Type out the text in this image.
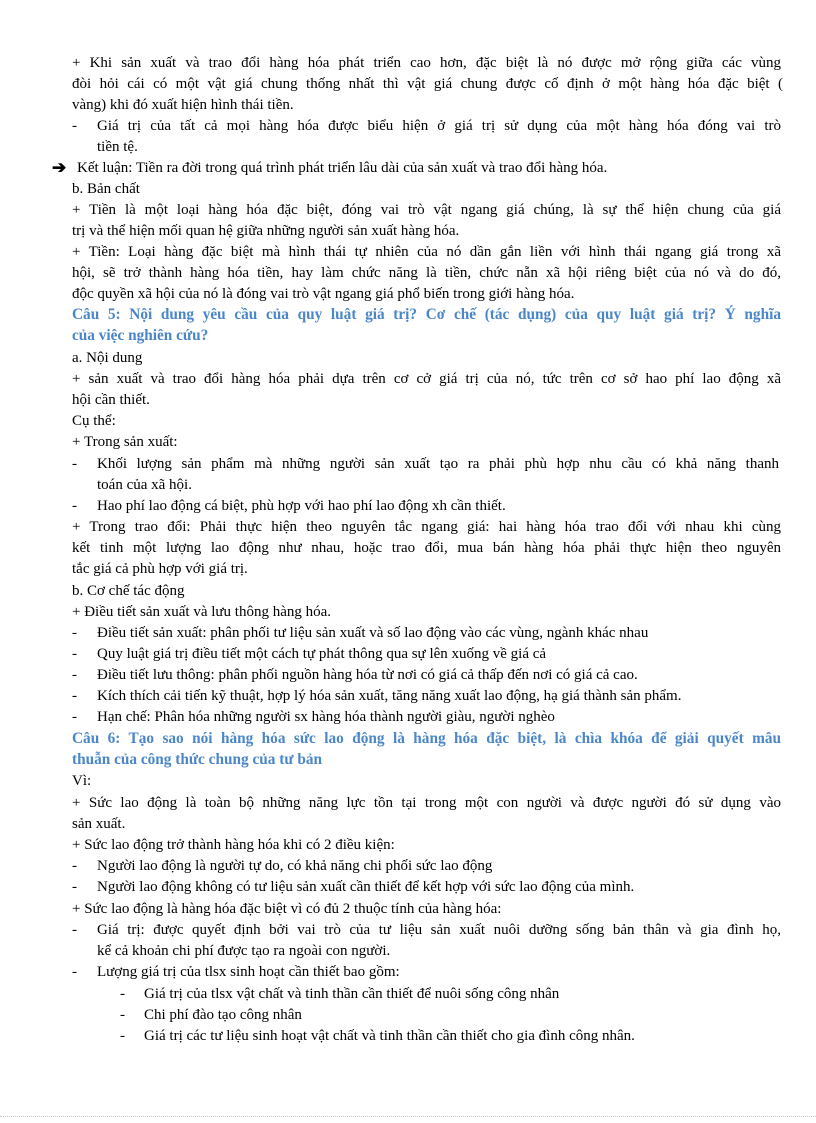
+ Khi sản xuất và trao đổi hàng hóa phát triển cao hơn, đặc biệt là nó được mở rộng giữa các vùng
đòi hỏi cái có một vật giá chung thống nhất thì vật giá chung được cố định ở một hàng hóa đặc biệt (
vàng) khi đó xuất hiện hình thái tiền.
- Giá trị của tất cả mọi hàng hóa được biểu hiện ở giá trị sử dụng của một hàng hóa đóng vai trò
tiền tệ.
➔ Kết luận: Tiền ra đời trong quá trình phát triển lâu dài của sản xuất và trao đổi hàng hóa.
b. Bản chất
+ Tiền là một loại hàng hóa đặc biệt, đóng vai trò vật ngang giá chúng, là sự thể hiện chung của giá
trị và thể hiện mối quan hệ giữa những người sản xuất hàng hóa.
+ Tiền: Loại hàng đặc biệt mà hình thái tự nhiên của nó dần gắn liền với hình thái ngang giá trong xã
hội, sẽ trở thành hàng hóa tiền, hay làm chức năng là tiền, chức nẵn xã hội riêng biệt của nó và do đó,
độc quyền xã hội của nó là đóng vai trò vật ngang giá phổ biến trong giới hàng hóa.
Câu 5: Nội dung yêu cầu của quy luật giá trị? Cơ chế (tác dụng) của quy luật giá trị? Ý nghĩa
của việc nghiên cứu?
a. Nội dung
+ sản xuất và trao đổi hàng hóa phải dựa trên cơ cở giá trị của nó, tức trên cơ sở hao phí lao động xã
hội cần thiết.
Cụ thể:
+ Trong sản xuất:
- Khối lượng sản phẩm mà những người sản xuất tạo ra phải phù hợp nhu cầu có khả năng thanh
toán của xã hội.
- Hao phí lao động cá biệt, phù hợp với hao phí lao động xh cần thiết.
+ Trong trao đổi: Phải thực hiện theo nguyên tắc ngang giá: hai hàng hóa trao đổi với nhau khi cùng
kết tinh một lượng lao động như nhau, hoặc trao đổi, mua bán hàng hóa phải thực hiện theo nguyên
tắc giá cả phù hợp với giá trị.
b. Cơ chế tác động
+ Điều tiết sản xuất và lưu thông hàng hóa.
- Điều tiết sản xuất: phân phối tư liệu sản xuất và số lao động vào các vùng, ngành khác nhau
- Quy luật giá trị điều tiết một cách tự phát thông qua sự lên xuống về giá cả
- Điều tiết lưu thông: phân phối nguồn hàng hóa từ nơi có giá cả thấp đến nơi có giá cả cao.
- Kích thích cải tiến kỹ thuật, hợp lý hóa sản xuất, tăng năng xuất lao động, hạ giá thành sản phẩm.
- Hạn chế: Phân hóa những người sx hàng hóa thành người giàu, người nghèo
Câu 6: Tạo sao nói hàng hóa sức lao động là hàng hóa đặc biệt, là chìa khóa để giải quyết mâu
thuẫn của công thức chung của tư bản
Vì:
+ Sức lao động là toàn bộ những năng lực tồn tại trong một con người và được người đó sử dụng vào
sản xuất.
+ Sức lao động trở thành hàng hóa khi có 2 điều kiện:
- Người lao động là người tự do, có khả năng chi phối sức lao động
- Người lao động không có tư liệu sản xuất cần thiết để kết hợp với sức lao động của mình.
+ Sức lao động là hàng hóa đặc biệt vì có đủ 2 thuộc tính của hàng hóa:
- Giá trị: được quyết định bởi vai trò của tư liệu sản xuất nuôi dưỡng sống bản thân và gia đình họ,
kể cả khoản chi phí được tạo ra ngoài con người.
- Lượng giá trị của tlsx sinh hoạt cần thiết bao gồm:
- Giá trị của tlsx vật chất và tinh thần cần thiết để nuôi sống công nhân
- Chi phí đào tạo công nhân
- Giá trị các tư liệu sinh hoạt vật chất và tinh thần cần thiết cho gia đình công nhân.
